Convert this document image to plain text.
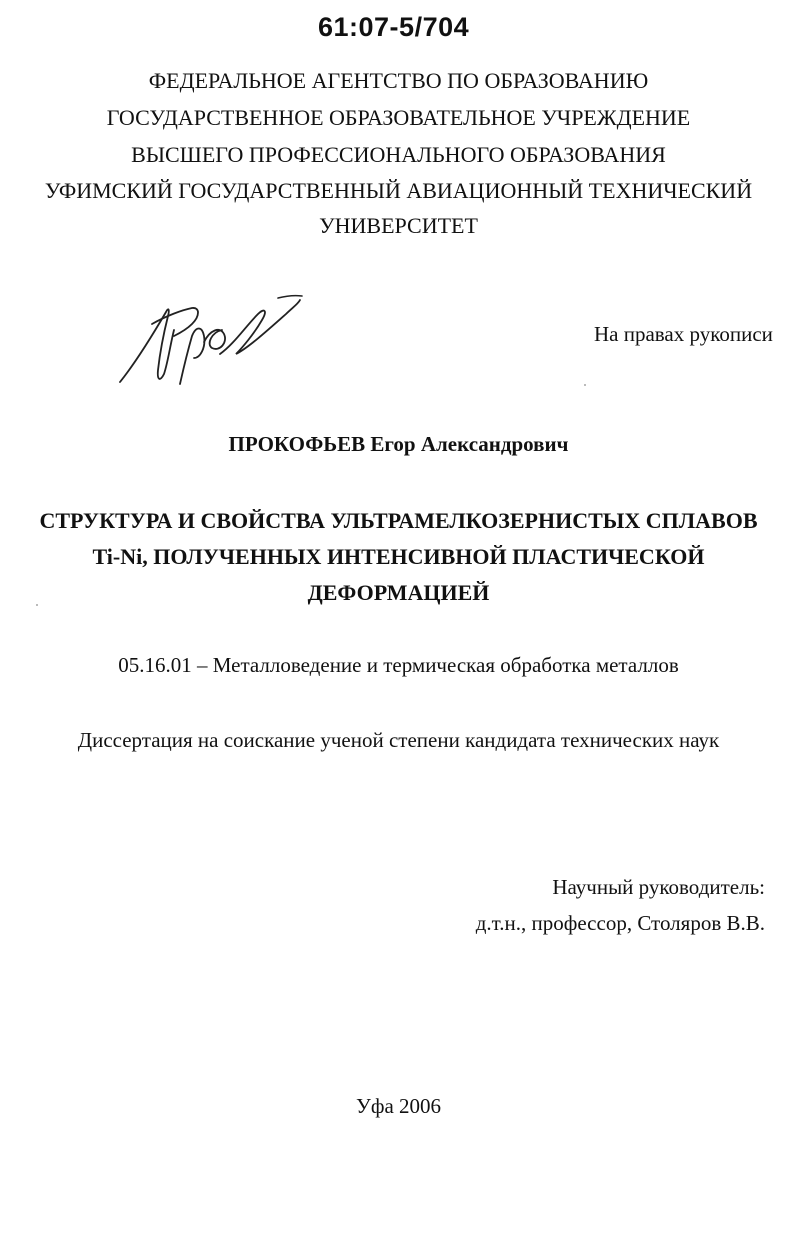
61:07-5/704
ФЕДЕРАЛЬНОЕ АГЕНТСТВО ПО ОБРАЗОВАНИЮ
ГОСУДАРСТВЕННОЕ ОБРАЗОВАТЕЛЬНОЕ УЧРЕЖДЕНИЕ
ВЫСШЕГО ПРОФЕССИОНАЛЬНОГО ОБРАЗОВАНИЯ
УФИМСКИЙ ГОСУДАРСТВЕННЫЙ АВИАЦИОННЫЙ ТЕХНИЧЕСКИЙ
УНИВЕРСИТЕТ
На правах рукописи
ПРОКОФЬЕВ Егор Александрович
СТРУКТУРА И СВОЙСТВА УЛЬТРАМЕЛКОЗЕРНИСТЫХ СПЛАВОВ
Ti-Ni, ПОЛУЧЕННЫХ ИНТЕНСИВНОЙ ПЛАСТИЧЕСКОЙ
ДЕФОРМАЦИЕЙ
05.16.01 – Металловедение и термическая обработка металлов
Диссертация на соискание ученой степени кандидата технических наук
Научный руководитель:
д.т.н., профессор, Столяров В.В.
Уфа 2006
